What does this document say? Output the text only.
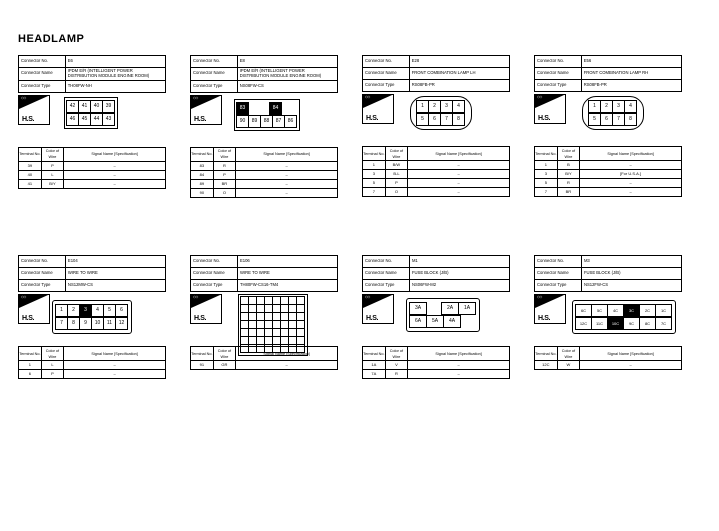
HEADLAMP
Connector No.	E6
Connector Name	IPDM E/R (INTELLIGENT POWER DISTRIBUTION MODULE ENGINE ROOM)
Connector Type	TH08FW-NH
⬡⬡
H.S.
42	41	40	39
46	45	44	43
Terminal No.	Color of Wire	Signal Name [Specification]
39	P	–
40	L	–
41	B/Y	–
Connector No.	E8
Connector Name	IPDM E/R (INTELLIGENT POWER DISTRIBUTION MODULE ENGINE ROOM)
Connector Type	NS08FW-CS
⬡⬡
H.S.
83	84
90	89	88	87	86
Terminal No.	Color of Wire	Signal Name [Specification]
83	R	–
84	P	–
89	BR	–
90	O	–
Connector No.	E28
Connector Name	FRONT COMBINATION LAMP LH
Connector Type	RS08FB-PR
⬡⬡
H.S.
1	2	3	4
5	6	7	8
Terminal No.	Color of Wire	Signal Name [Specification]
1	B/W	–
3	B-L	–
5	P	–
7	O	–
Connector No.	E56
Connector Name	FRONT COMBINATION LAMP RH
Connector Type	RS08FB-PR
⬡⬡
H.S.
1	2	3	4
5	6	7	8
Terminal No.	Color of Wire	Signal Name [Specification]
1	B	–
3	B/Y	[For U.S.A.]
5	R	–
7	BR	–
Connector No.	E104
Connector Name	WIRE TO WIRE
Connector Type	NS12MW-CS
⬡⬡
H.S.
1	2	3	4	5	6
7	8	9	10	11	12
Terminal No.	Color of Wire	Signal Name [Specification]
1	L	–
6	P	–
Connector No.	E106
Connector Name	WIRE TO WIRE
Connector Type	TH80FW-CS16-TM4
⬡⬡
H.S.
Terminal No.	Color of Wire	Signal Name [Specification]
91	GR	–
Connector No.	M1
Connector Name	FUSE BLOCK (J/B)
Connector Type	NS06FW-M2
⬡⬡
H.S.
3A	2A	1A
6A	5A	4A
Terminal No.	Color of Wire	Signal Name [Specification]
1A	V	–
7A	R	–
Connector No.	M3
Connector Name	FUSE BLOCK (J/B)
Connector Type	NS12FW-CS
⬡⬡
H.S.
6C	5C	4C	3C	2C	1C
12C	11C	10C	9C	8C	7C
Terminal No.	Color of Wire	Signal Name [Specification]
12C	W	–
